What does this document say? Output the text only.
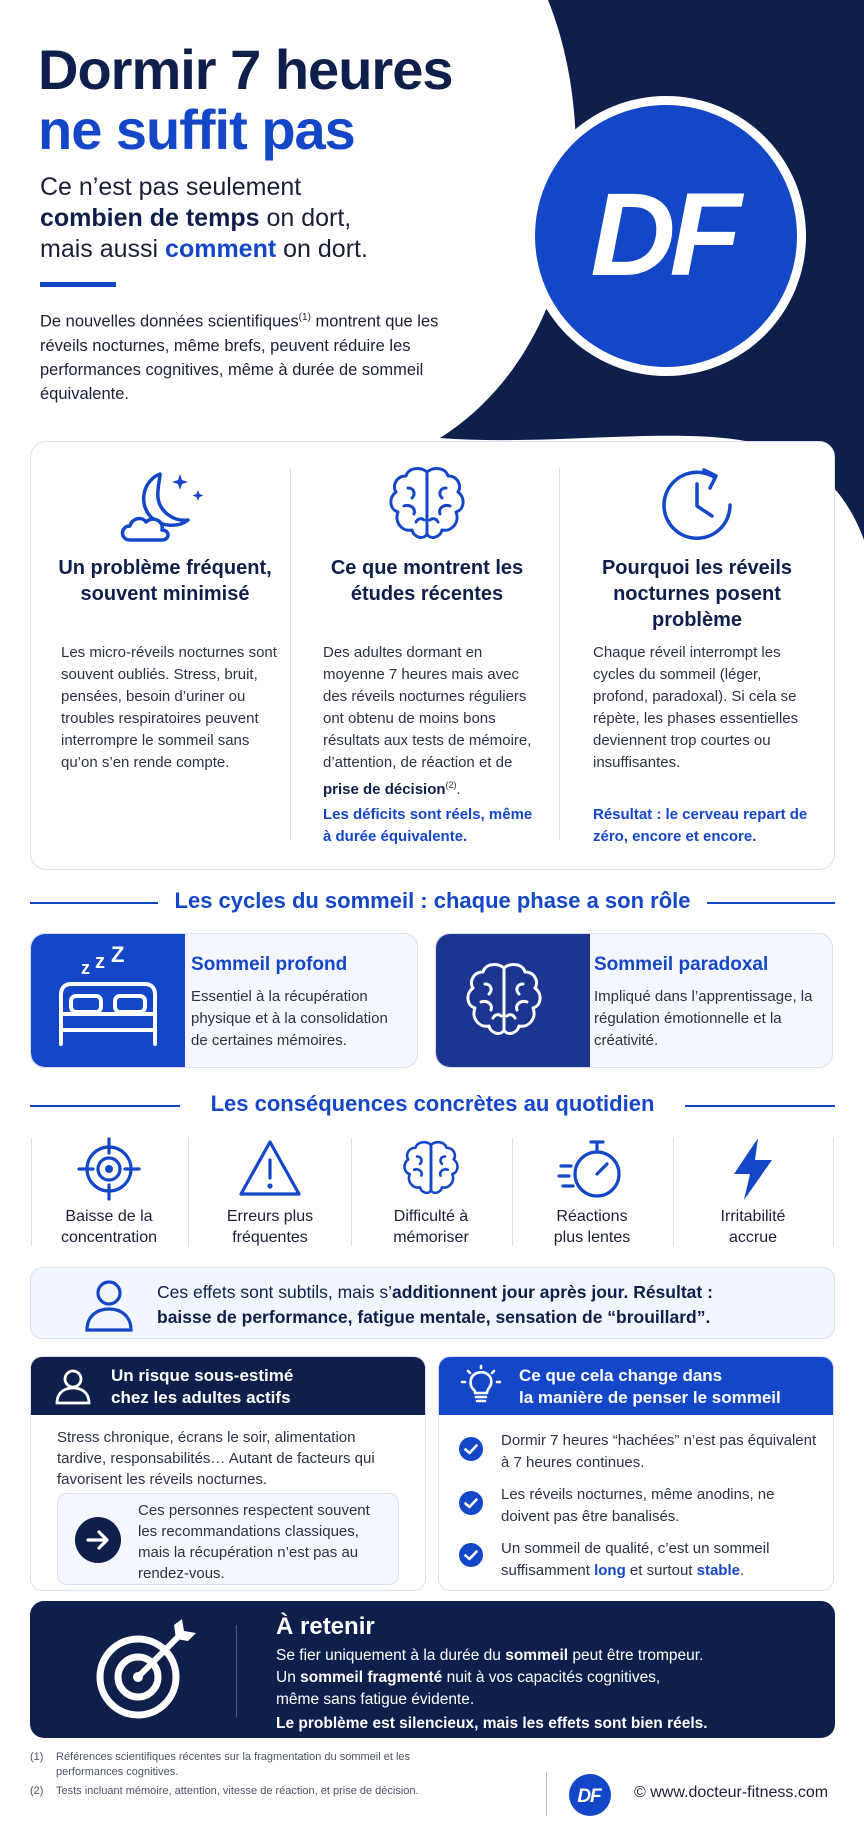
Dormir 7 heures
ne suffit pas
Ce n’est pas seulement
combien de temps on dort,
mais aussi comment on dort.

De nouvelles données scientifiques$^{(1)}$ montrent que les réveils nocturnes, même brefs, peuvent réduire les performances cognitives, même à durée de sommeil équivalente.

DF
Un problème fréquent, souvent minimisé

Les micro-réveils nocturnes sont souvent oubliés. Stress, bruit, pensées, besoin d’uriner ou troubles respiratoires peuvent interrompre le sommeil sans qu’on s’en rende compte.

Ce que montrent les études récentes

Des adultes dormant en moyenne 7 heures mais avec des réveils nocturnes réguliers ont obtenu de moins bons résultats aux tests de mémoire, d’attention, de réaction et de prise de décision$^{(2)}$.

Les déficits sont réels, même à durée équivalente.
Pourquoi les réveils nocturnes posent problème

Chaque réveil interrompt les cycles du sommeil (léger, profond, paradoxal). Si cela se répète, les phases essentielles deviennent trop courtes ou insuffisantes.

Résultat : le cerveau repart de zéro, encore et encore.
Les cycles du sommeil : chaque phase a son rôle
z z Z	Sommeil profond

Essentiel à la récupération physique et à la consolidation de certaines mémoires.

Sommeil paradoxal

Impliqué dans l’apprentissage, la régulation émotionnelle et la créativité.

Les conséquences concrètes au quotidien
Baisse de la
concentration
Erreurs plus
fréquentes
Difficulté à
mémoriser
Réactions
plus lentes
Irritabilité
accrue
Ces effets sont subtils, mais s’additionnent jour après jour. Résultat :
baisse de performance, fatigue mentale, sensation de “brouillard”.
Un risque sous-estimé
chez les adultes actifs

Stress chronique, écrans le soir, alimentation tardive, responsabilités… Autant de facteurs qui favorisent les réveils nocturnes.

Ces personnes respectent souvent les recommandations classiques, mais la récupération n’est pas au rendez-vous.
Ce que cela change dans
la manière de penser le sommeil
Dormir 7 heures “hachées” n’est pas équivalent à 7 heures continues.
Les réveils nocturnes, même anodins, ne doivent pas être banalisés.
Un sommeil de qualité, c’est un sommeil suffisamment long et surtout stable.
À retenir
Se fier uniquement à la durée du sommeil peut être trompeur.
Un sommeil fragmenté nuit à vos capacités cognitives,
même sans fatigue évidente.
Le problème est silencieux, mais les effets sont bien réels.
(1) Références scientifiques récentes sur la fragmentation du sommeil et les performances cognitives.
(2) Tests incluant mémoire, attention, vitesse de réaction, et prise de décision.	DF © www.docteur-fitness.com
